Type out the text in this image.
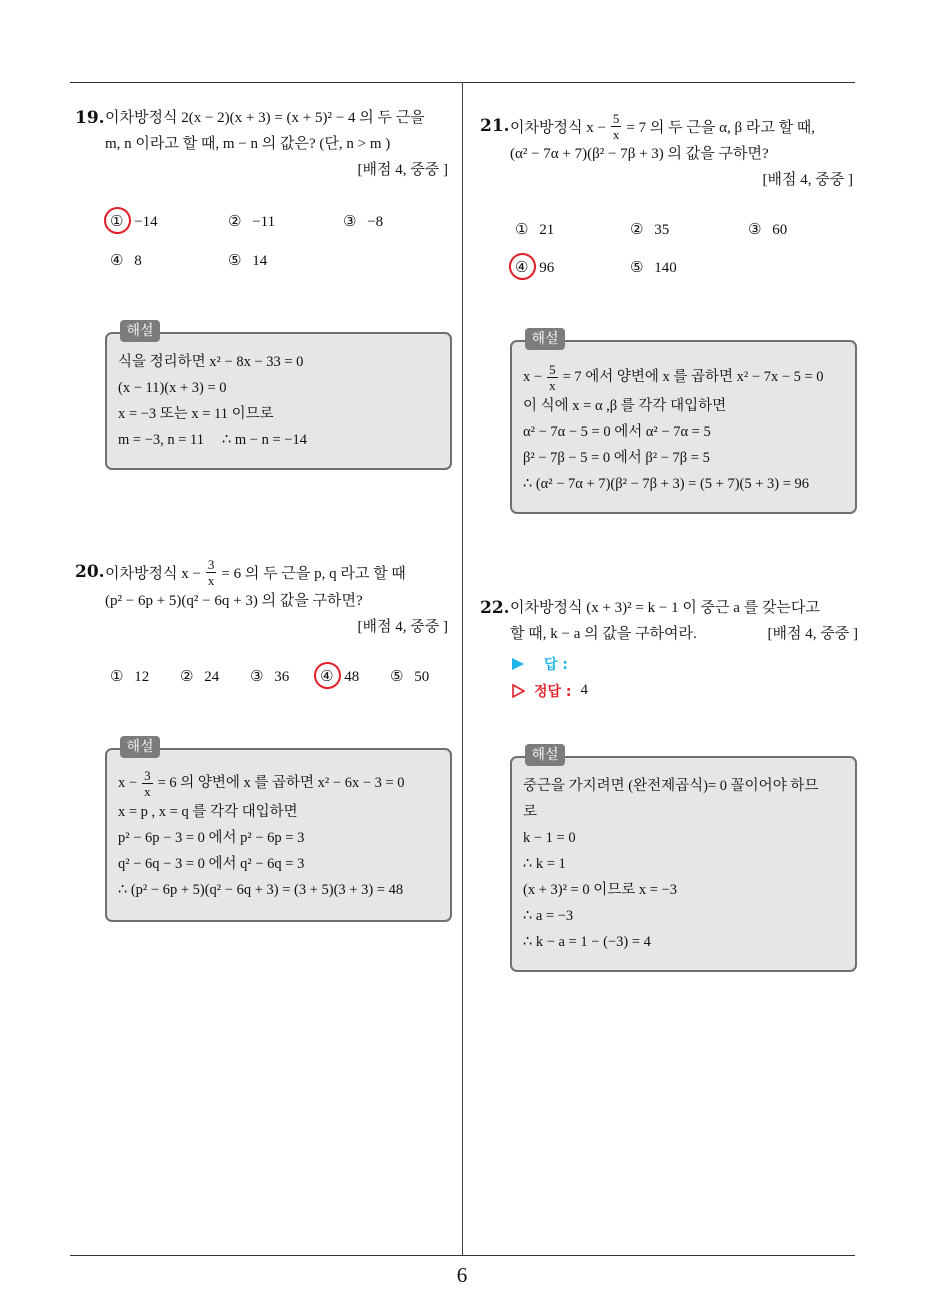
6
19. 이차방정식 2(x − 2)(x + 3) = (x + 5)² − 4 의 두 근을
m, n 이라고 할 때, m − n 의 값은? (단, n > m )
[배점 4, 중중 ]
① −14	② −11	③ −8
④ 8	⑤ 14
해설
식을 정리하면 x² − 8x − 33 = 0
(x − 11)(x + 3) = 0
x = −3 또는 x = 11 이므로
m = −3, n = 11 ∴ m − n = −14
20. 이차방정식 $x - \frac{3}{x} = 6$ 의 두 근을 p, q 라고 할 때
(p² − 6p + 5)(q² − 6q + 3) 의 값을 구하면?
[배점 4, 중중 ]
① 12 ② 24 ③ 36 ④ 48 ⑤ 50
해설
$x - \frac{3}{x} = 6$ 의 양변에 x 를 곱하면 x² − 6x − 3 = 0
x = p , x = q 를 각각 대입하면
p² − 6p − 3 = 0 에서 p² − 6p = 3
q² − 6q − 3 = 0 에서 q² − 6q = 3
∴ (p² − 6p + 5)(q² − 6q + 3) = (3 + 5)(3 + 3) = 48
21. 이차방정식 $x - \frac{5}{x} = 7$ 의 두 근을 α, β 라고 할 때,
(α² − 7α + 7)(β² − 7β + 3) 의 값을 구하면?
[배점 4, 중중 ]
① 21	② 35	③ 60
④ 96	⑤ 140
해설
$x - \frac{5}{x} = 7$ 에서 양변에 x 를 곱하면 x² − 7x − 5 = 0
이 식에 x = α ,β 를 각각 대입하면
α² − 7α − 5 = 0 에서 α² − 7α = 5
β² − 7β − 5 = 0 에서 β² − 7β = 5
∴ (α² − 7α + 7)(β² − 7β + 3) = (5 + 7)(5 + 3) = 96
22. 이차방정식 (x + 3)² = k − 1 이 중근 a 를 갖는다고
할 때, k − a 의 값을 구하여라.	[배점 4, 중중 ]
답 :
정답 : 4
해설
중근을 가지려면 (완전제곱식)= 0 꼴이어야 하므
로
k − 1 = 0
∴ k = 1
(x + 3)² = 0 이므로 x = −3
∴ a = −3
∴ k − a = 1 − (−3) = 4
